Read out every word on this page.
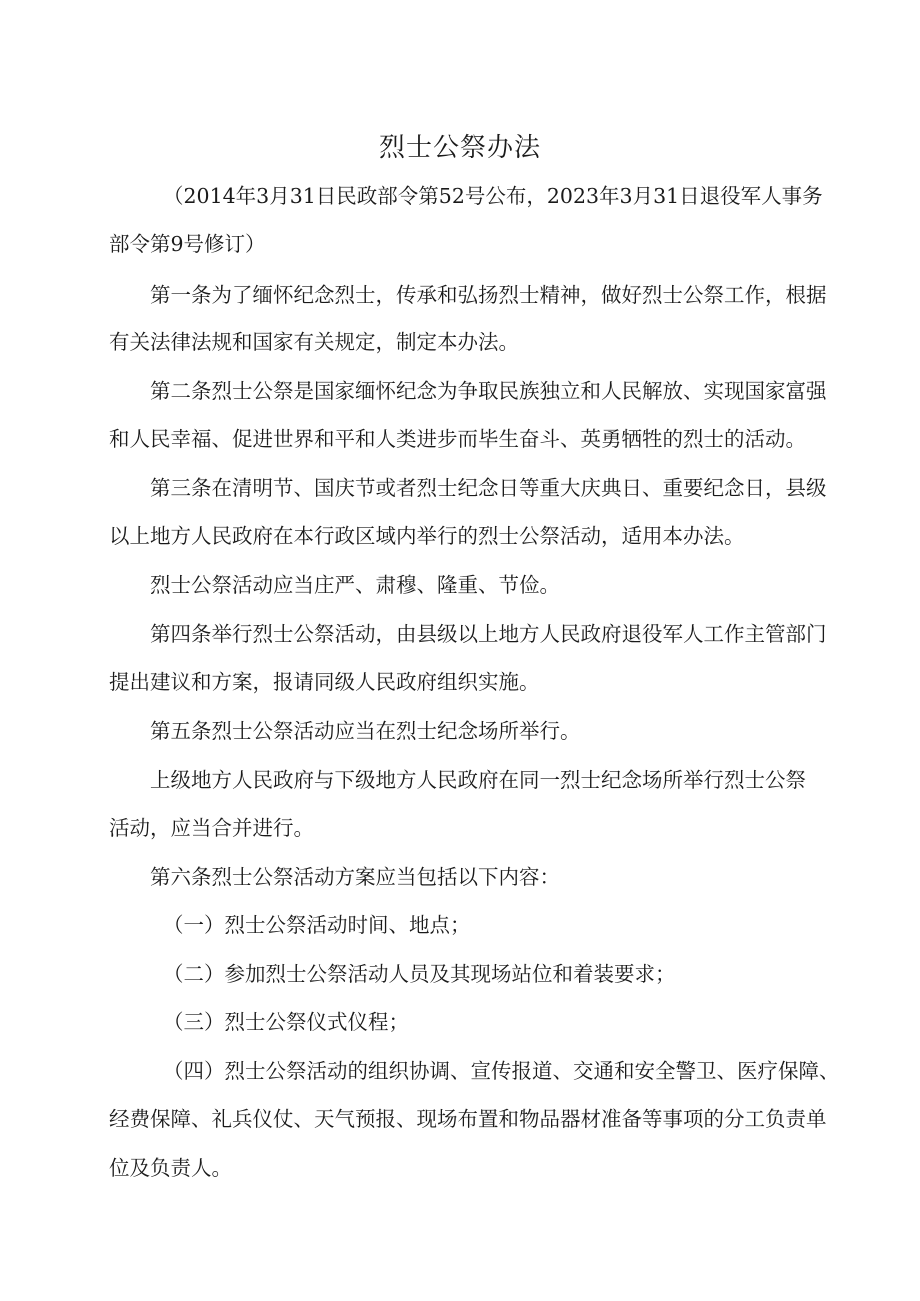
烈士公祭办法
（2014年3月31日民政部令第52号公布，2023年3月31日退役军人事务
部令第9号修订）
第一条为了缅怀纪念烈士，传承和弘扬烈士精神，做好烈士公祭工作，根据
有关法律法规和国家有关规定，制定本办法。
第二条烈士公祭是国家缅怀纪念为争取民族独立和人民解放、实现国家富强
和人民幸福、促进世界和平和人类进步而毕生奋斗、英勇牺牲的烈士的活动。
第三条在清明节、国庆节或者烈士纪念日等重大庆典日、重要纪念日，县级
以上地方人民政府在本行政区域内举行的烈士公祭活动，适用本办法。
烈士公祭活动应当庄严、肃穆、隆重、节俭。
第四条举行烈士公祭活动，由县级以上地方人民政府退役军人工作主管部门
提出建议和方案，报请同级人民政府组织实施。
第五条烈士公祭活动应当在烈士纪念场所举行。
上级地方人民政府与下级地方人民政府在同一烈士纪念场所举行烈士公祭
活动，应当合并进行。
第六条烈士公祭活动方案应当包括以下内容：
（一）烈士公祭活动时间、地点；
（二）参加烈士公祭活动人员及其现场站位和着装要求；
（三）烈士公祭仪式仪程；
（四）烈士公祭活动的组织协调、宣传报道、交通和安全警卫、医疗保障、
经费保障、礼兵仪仗、天气预报、现场布置和物品器材准备等事项的分工负责单
位及负责人。
